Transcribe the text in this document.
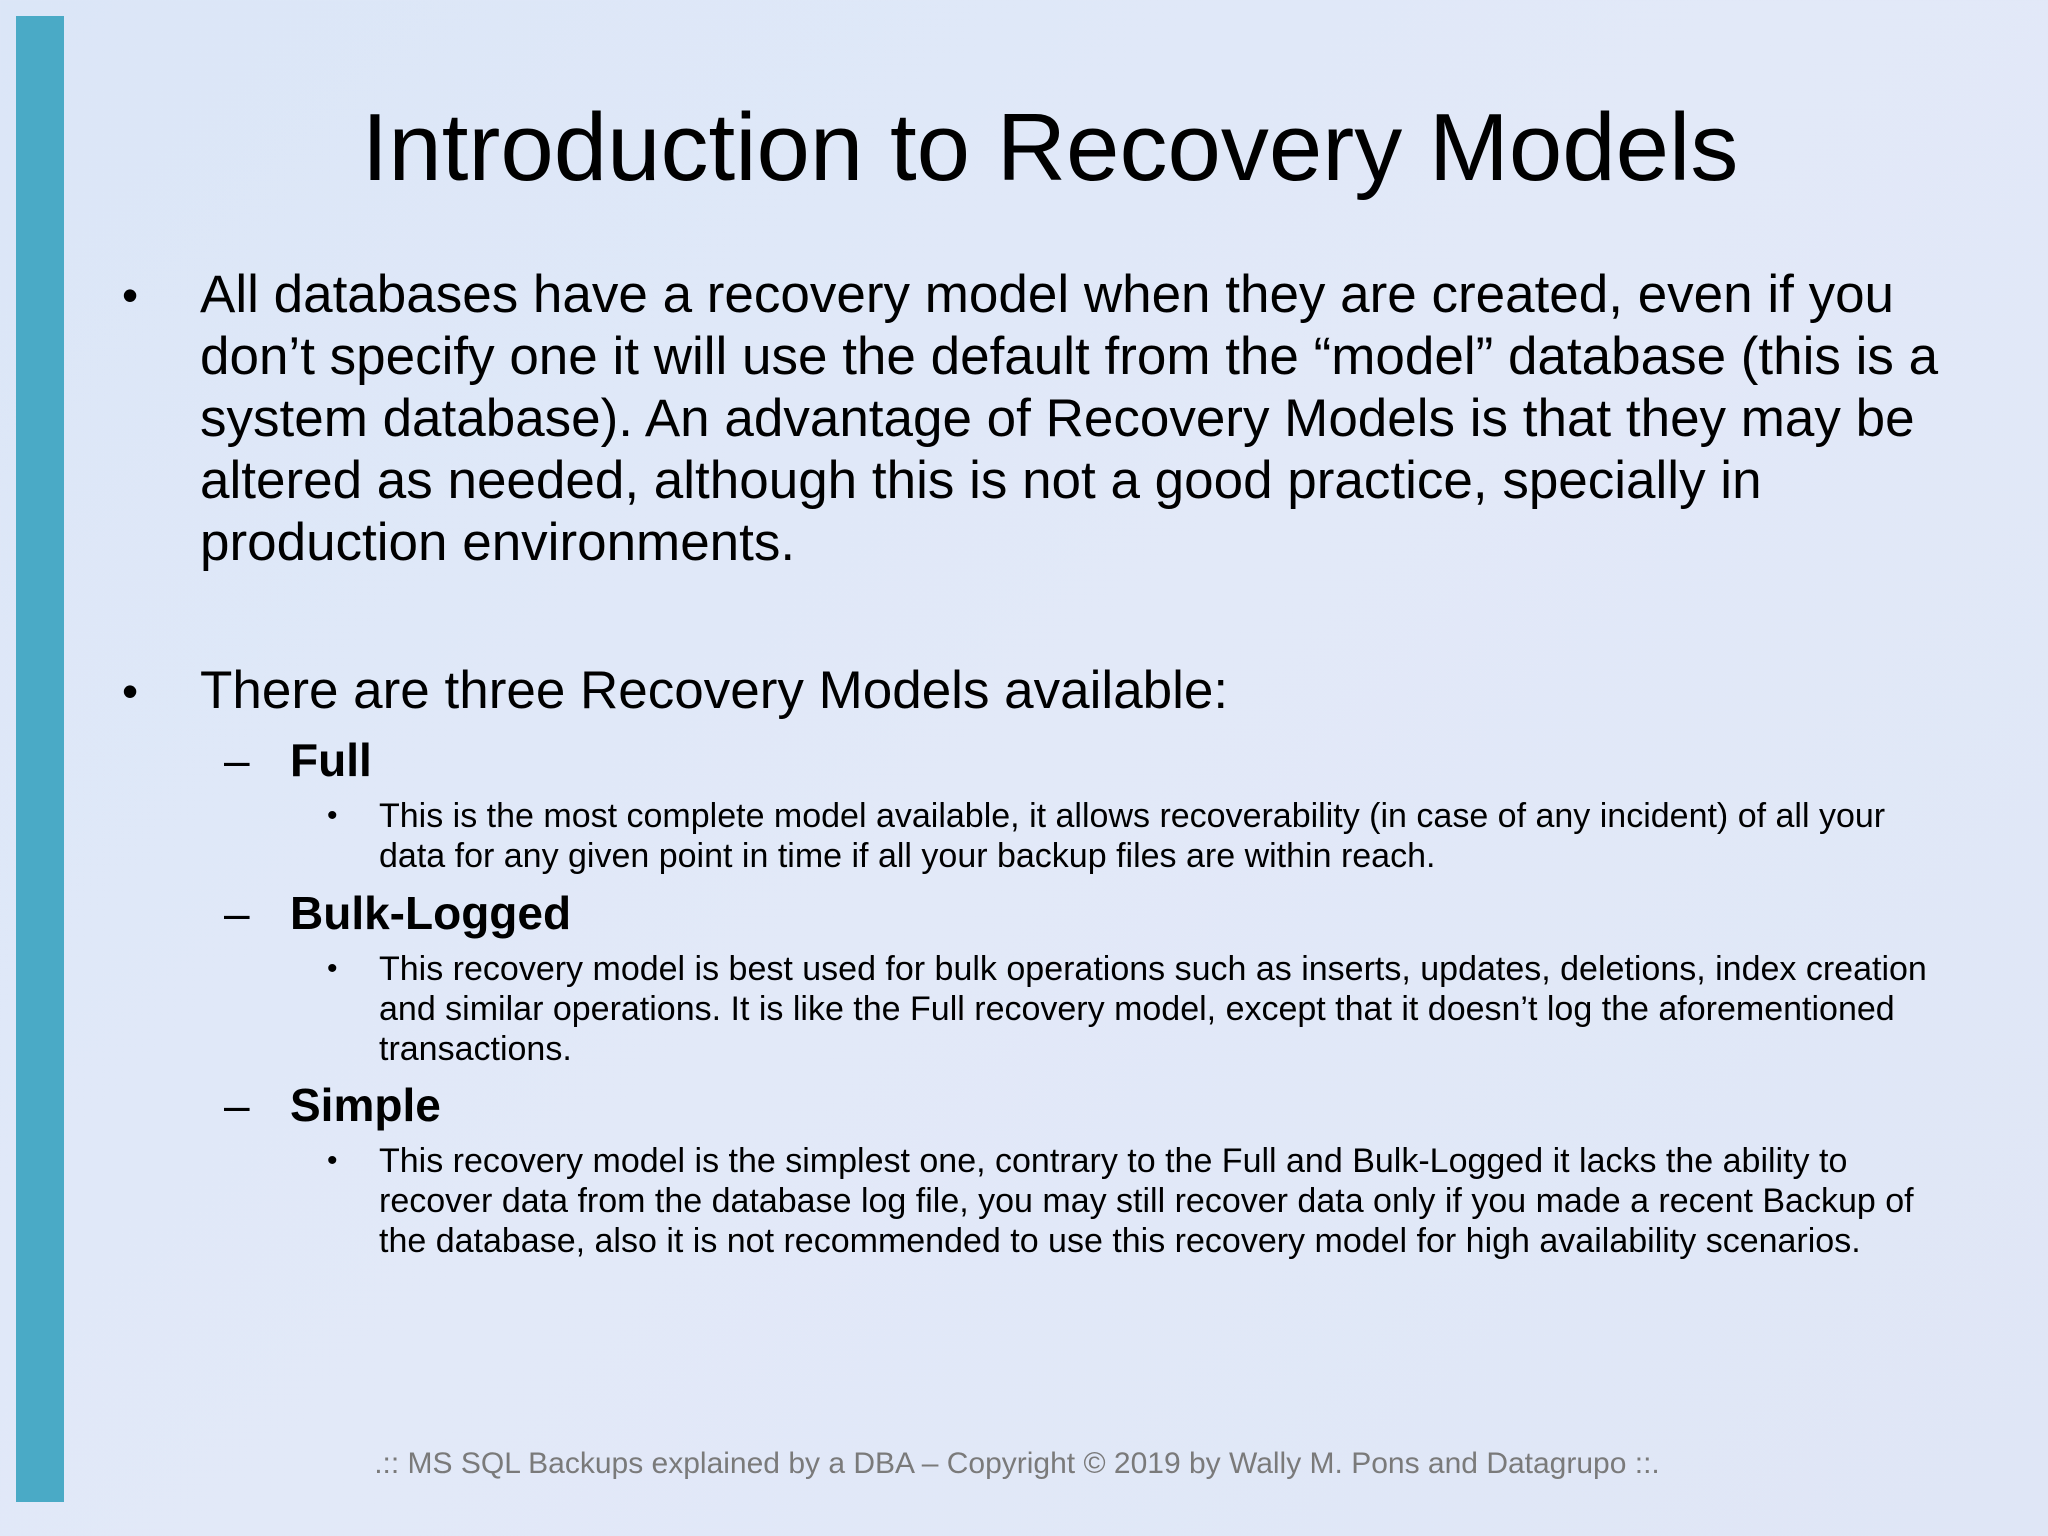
Introduction to Recovery Models
• All databases have a recovery model when they are created, even if you don’t specify one it will use the default from the “model” database (this is a system database). An advantage of Recovery Models is that they may be altered as needed, although this is not a good practice, specially in production environments.
• There are three Recovery Models available:
– Full
• This is the most complete model available, it allows recoverability (in case of any incident) of all your data for any given point in time if all your backup files are within reach.
– Bulk-Logged
• This recovery model is best used for bulk operations such as inserts, updates, deletions, index creation and similar operations. It is like the Full recovery model, except that it doesn’t log the aforementioned transactions.
– Simple
• This recovery model is the simplest one, contrary to the Full and Bulk-Logged it lacks the ability to recover data from the database log file, you may still recover data only if you made a recent Backup of the database, also it is not recommended to use this recovery model for high availability scenarios.
.:: MS SQL Backups explained by a DBA – Copyright © 2019 by Wally M. Pons and Datagrupo ::.
